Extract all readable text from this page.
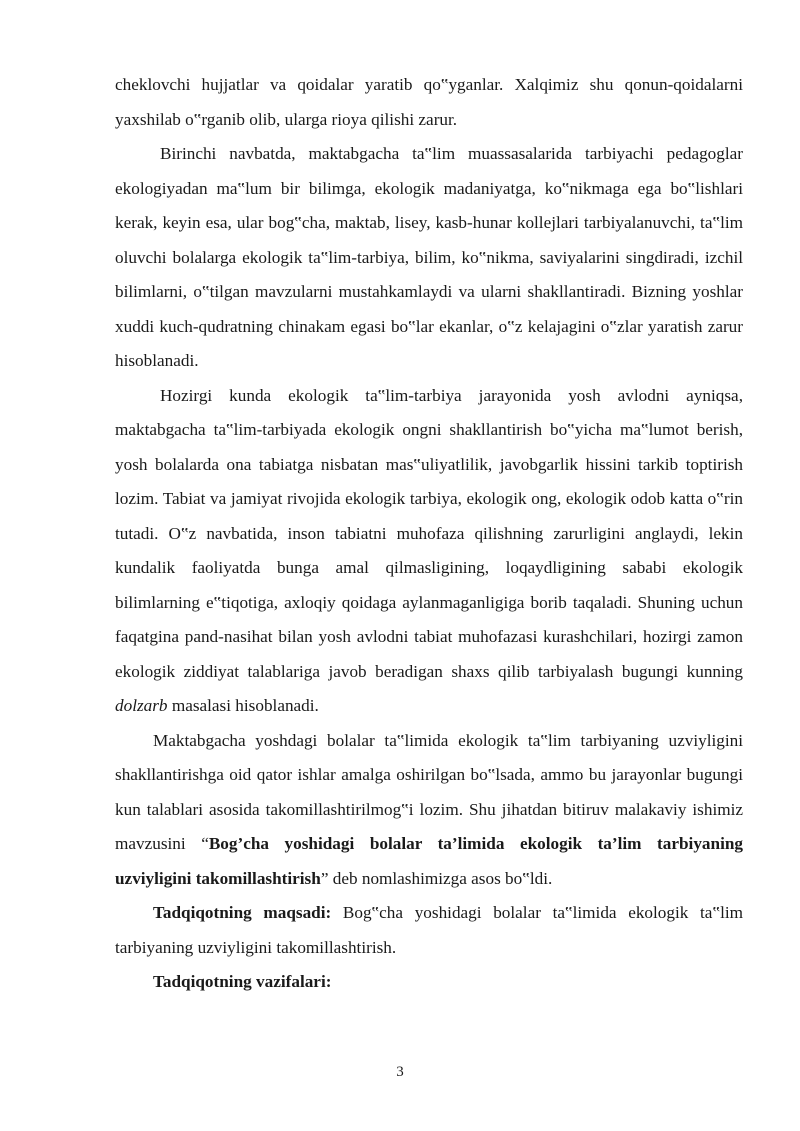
cheklovchi hujjatlar va qoidalar yaratib qo‟yganlar. Xalqimiz shu qonun-qoidalarni yaxshilab o‟rganib olib, ularga rioya qilishi zarur.

Birinchi navbatda, maktabgacha ta‟lim muassasalarida tarbiyachi pedagoglar ekologiyadan ma‟lum bir bilimga, ekologik madaniyatga, ko‟nikmaga ega bo‟lishlari kerak, keyin esa, ular bog‟cha, maktab, lisey, kasb-hunar kollejlari tarbiyalanuvchi, ta‟lim oluvchi bolalarga ekologik ta‟lim-tarbiya, bilim, ko‟nikma, saviyalarini singdiradi, izchil bilimlarni, o‟tilgan mavzularni mustahkamlaydi va ularni shakllantiradi. Bizning yoshlar xuddi kuch-qudratning chinakam egasi bo‟lar ekanlar, o‟z kelajagini o‟zlar yaratish zarur hisoblanadi.

Hozirgi kunda ekologik ta‟lim-tarbiya jarayonida yosh avlodni ayniqsa, maktabgacha ta‟lim-tarbiyada ekologik ongni shakllantirish bo‟yicha ma‟lumot berish, yosh bolalarda ona tabiatga nisbatan mas‟uliyatlilik, javobgarlik hissini tarkib toptirish lozim. Tabiat va jamiyat rivojida ekologik tarbiya, ekologik ong, ekologik odob katta o‟rin tutadi. O‟z navbatida, inson tabiatni muhofaza qilishning zarurligini anglaydi, lekin kundalik faoliyatda bunga amal qilmasligining, loqaydligining sababi ekologik bilimlarning e‟tiqotiga, axloqiy qoidaga aylanmaganligiga borib taqaladi. Shuning uchun faqatgina pand-nasihat bilan yosh avlodni tabiat muhofazasi kurashchilari, hozirgi zamon ekologik ziddiyat talablariga javob beradigan shaxs qilib tarbiyalash bugungi kunning dolzarb masalasi hisoblanadi.

Maktabgacha yoshdagi bolalar ta‟limida ekologik ta‟lim tarbiyaning uzviyligini shakllantirishga oid qator ishlar amalga oshirilgan bo‟lsada, ammo bu jarayonlar bugungi kun talablari asosida takomillashtirilmog‟i lozim. Shu jihatdan bitiruv malakaviy ishimiz mavzusini “Bog’cha yoshidagi bolalar ta’limida ekologik ta’lim tarbiyaning uzviyligini takomillashtirish” deb nomlashimizga asos bo‟ldi.

Tadqiqotning maqsadi: Bog‟cha yoshidagi bolalar ta‟limida ekologik ta‟lim tarbiyaning uzviyligini takomillashtirish.

Tadqiqotning vazifalari:

3
